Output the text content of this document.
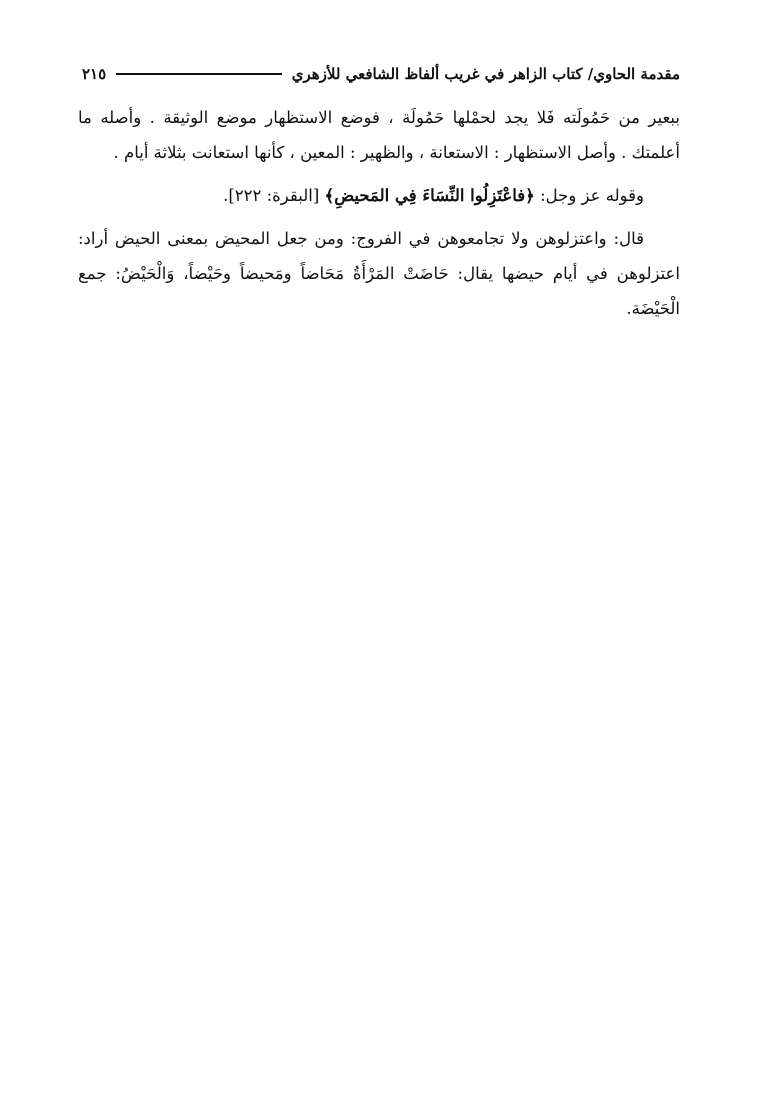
مقدمة الحاوي/ كتاب الزاهر في غريب ألفاظ الشافعي للأزهري
٢١٥

ببعير من حَمُولَته فَلا يجد لحمْلها حَمُولَة ، فوضع الاستظهار موضع الوثيقة . وأصله ما أعلمتك . وأصل الاستظهار : الاستعانة ، والظهير : المعين ، كأنها استعانت بثلاثة أيام .

وقوله عز وجل: ﴿فاعْتَزِلُوا النِّسَاءَ فِي المَحيضِ﴾ [البقرة: ٢٢٢].

قال: واعتزلوهن ولا تجامعوهن في الفروج: ومن جعل المحيض بمعنى الحيض أراد: اعتزلوهن في أيام حيضها يقال: حَاضَتْ المَرْأَةُ مَحَاضاً ومَحيضاً وحَيْضاً، وَالْحَيْضُ: جمع الْحَيْضَة.
